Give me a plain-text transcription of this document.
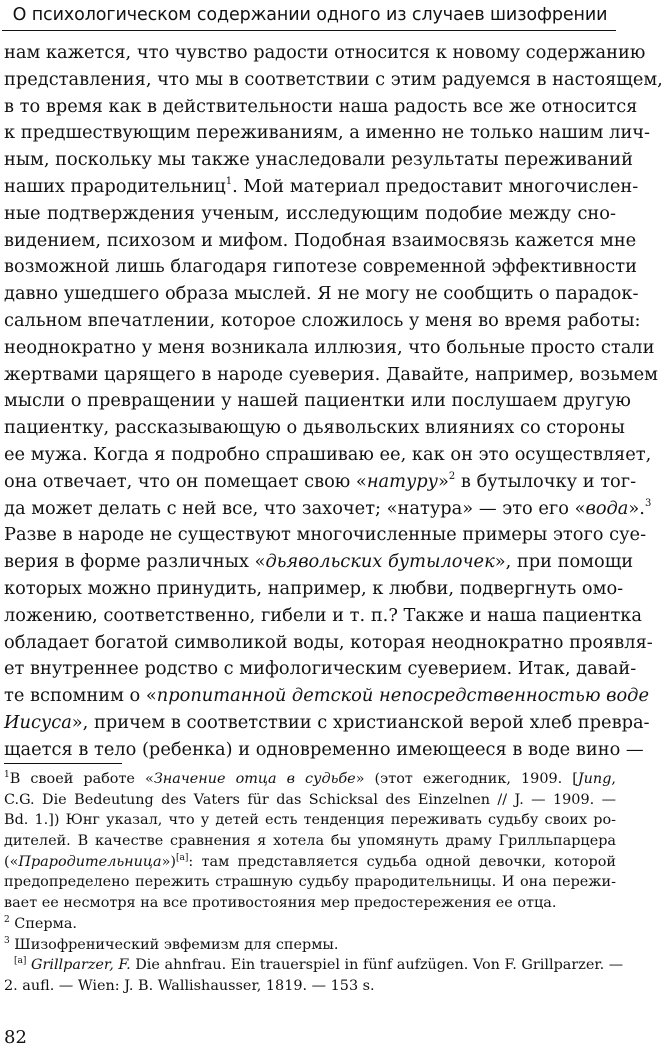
О психологическом содержании одного из случаев шизофрении
нам кажется, что чувство радости относится к новому содержанию
представления, что мы в соответствии с этим радуемся в настоящем,
в то время как в действительности наша радость все же относится
к предшествующим переживаниям, а именно не только нашим лич-
ным, поскольку мы также унаследовали результаты переживаний
наших прародительниц$^1$. Мой материал предоставит многочислен-
ные подтверждения ученым, исследующим подобие между сно-
видением, психозом и мифом. Подобная взаимосвязь кажется мне
возможной лишь благодаря гипотезе современной эффективности
давно ушедшего образа мыслей. Я не могу не сообщить о парадок-
сальном впечатлении, которое сложилось у меня во время работы:
неоднократно у меня возникала иллюзия, что больные просто стали
жертвами царящего в народе суеверия. Давайте, например, возьмем
мысли о превращении у нашей пациентки или послушаем другую
пациентку, рассказывающую о дьявольских влияниях со стороны
ее мужа. Когда я подробно спрашиваю ее, как он это осуществляет,
она отвечает, что он помещает свою «натуру»$^2$ в бутылочку и тог-
да может делать с ней все, что захочет; «натура» — это его «вода».$^3$
Разве в народе не существуют многочисленные примеры этого суе-
верия в форме различных «дьявольских бутылочек», при помощи
которых можно принудить, например, к любви, подвергнуть омо-
ложению, соответственно, гибели и т. п.? Также и наша пациентка
обладает богатой символикой воды, которая неоднократно проявля-
ет внутреннее родство с мифологическим суеверием. Итак, давай-
те вспомним о «пропитанной детской непосредственностью воде
Иисуса», причем в соответствии с христианской верой хлеб превра-
щается в тело (ребенка) и одновременно имеющееся в воде вино —
$^1$В своей работе «Значение отца в судьбе» (этот ежегодник, 1909. [Jung,
C.G. Die Bedeutung des Vaters für das Schicksal des Einzelnen // J. — 1909. —
Bd. 1.]) Юнг указал, что у детей есть тенденция переживать судьбу своих ро-
дителей. В качестве сравнения я хотела бы упомянуть драму Грилльпарцера
(«Прародительница»)[a]: там представляется судьба одной девочки, которой
предопределено пережить страшную судьбу прародительницы. И она пережи-
вает ее несмотря на все противостояния мер предостережения ее отца.
$^2$ Сперма.
$^3$ Шизофренический эвфемизм для спермы.
[a] Grillparzer, F. Die ahnfrau. Ein trauerspiel in fünf aufzügen. Von F. Grillparzer. —
2. aufl. — Wien: J. B. Wallishausser, 1819. — 153 s.
82
